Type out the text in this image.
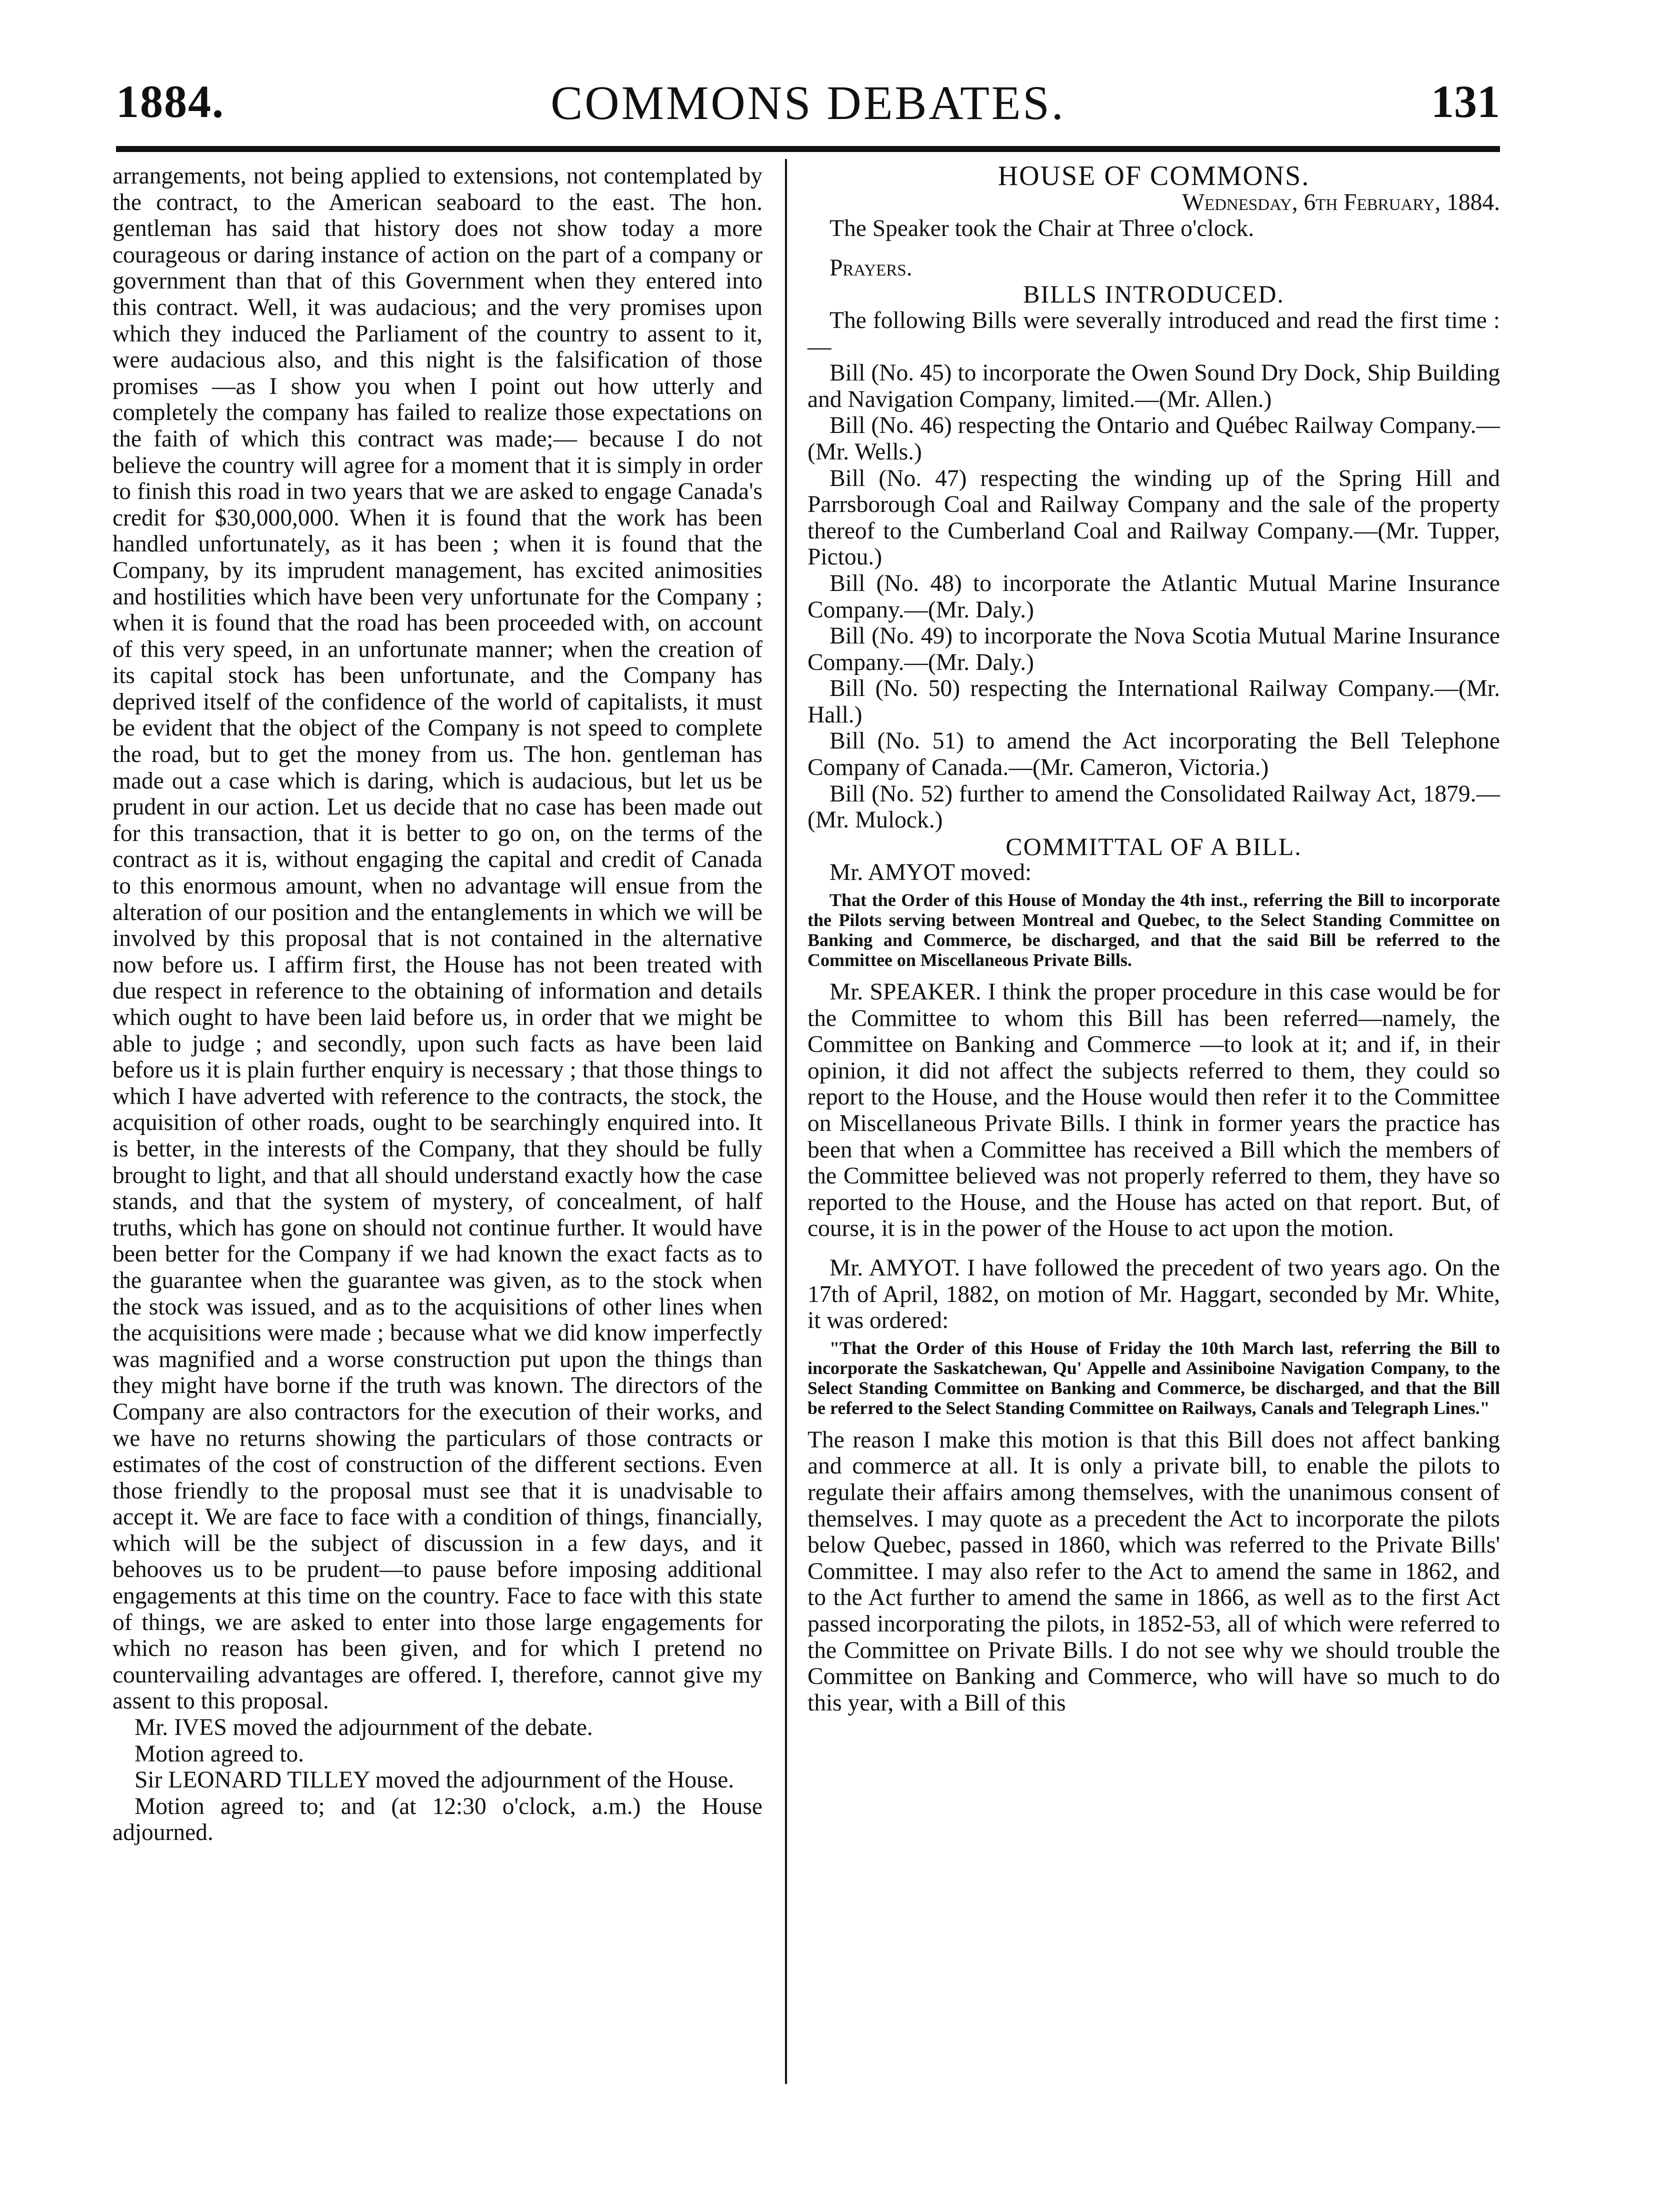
1884.	COMMONS DEBATES.	131

arrangements, not being applied to extensions, not contemplated by the contract, to the American seaboard to the east. The hon. gentleman has said that history does not show today a more courageous or daring instance of action on the part of a company or government than that of this Government when they entered into this contract. Well, it was audacious; and the very promises upon which they induced the Parliament of the country to assent to it, were audacious also, and this night is the falsification of those promises —as I show you when I point out how utterly and completely the company has failed to realize those expectations on the faith of which this contract was made;— because I do not believe the country will agree for a moment that it is simply in order to finish this road in two years that we are asked to engage Canada's credit for $30,000,000. When it is found that the work has been handled unfortunately, as it has been ; when it is found that the Company, by its imprudent management, has excited animosities and hostilities which have been very unfortunate for the Company ; when it is found that the road has been proceeded with, on account of this very speed, in an unfortunate manner; when the creation of its capital stock has been unfortunate, and the Company has deprived itself of the confidence of the world of capitalists, it must be evident that the object of the Company is not speed to complete the road, but to get the money from us. The hon. gentleman has made out a case which is daring, which is audacious, but let us be prudent in our action. Let us decide that no case has been made out for this transaction, that it is better to go on, on the terms of the contract as it is, without engaging the capital and credit of Canada to this enormous amount, when no advantage will ensue from the alteration of our position and the entanglements in which we will be involved by this proposal that is not contained in the alternative now before us. I affirm first, the House has not been treated with due respect in reference to the obtaining of information and details which ought to have been laid before us, in order that we might be able to judge ; and secondly, upon such facts as have been laid before us it is plain further enquiry is necessary ; that those things to which I have adverted with reference to the contracts, the stock, the acquisition of other roads, ought to be searchingly enquired into. It is better, in the interests of the Company, that they should be fully brought to light, and that all should understand exactly how the case stands, and that the system of mystery, of concealment, of half truths, which has gone on should not continue further. It would have been better for the Company if we had known the exact facts as to the guarantee when the guarantee was given, as to the stock when the stock was issued, and as to the acquisitions of other lines when the acquisitions were made ; because what we did know imperfectly was magnified and a worse construction put upon the things than they might have borne if the truth was known. The directors of the Company are also contractors for the execution of their works, and we have no returns showing the particulars of those contracts or estimates of the cost of construction of the different sections. Even those friendly to the proposal must see that it is unadvisable to accept it. We are face to face with a condition of things, financially, which will be the subject of discussion in a few days, and it behooves us to be prudent—to pause before imposing additional engagements at this time on the country. Face to face with this state of things, we are asked to enter into those large engagements for which no reason has been given, and for which I pretend no countervailing advantages are offered. I, therefore, cannot give my assent to this proposal.

Mr. IVES moved the adjournment of the debate.

Motion agreed to.

Sir LEONARD TILLEY moved the adjournment of the House.

Motion agreed to; and (at 12:30 o'clock, a.m.) the House adjourned.

HOUSE OF COMMONS.

Wednesday, 6th February, 1884.

The Speaker took the Chair at Three o'clock.

Prayers.

BILLS INTRODUCED.

The following Bills were severally introduced and read the first time :—

Bill (No. 45) to incorporate the Owen Sound Dry Dock, Ship Building and Navigation Company, limited.—(Mr. Allen.)

Bill (No. 46) respecting the Ontario and Québec Railway Company.—(Mr. Wells.)

Bill (No. 47) respecting the winding up of the Spring Hill and Parrsborough Coal and Railway Company and the sale of the property thereof to the Cumberland Coal and Railway Company.—(Mr. Tupper, Pictou.)

Bill (No. 48) to incorporate the Atlantic Mutual Marine Insurance Company.—(Mr. Daly.)

Bill (No. 49) to incorporate the Nova Scotia Mutual Marine Insurance Company.—(Mr. Daly.)

Bill (No. 50) respecting the International Railway Company.—(Mr. Hall.)

Bill (No. 51) to amend the Act incorporating the Bell Telephone Company of Canada.—(Mr. Cameron, Victoria.)

Bill (No. 52) further to amend the Consolidated Railway Act, 1879.—(Mr. Mulock.)

COMMITTAL OF A BILL.

Mr. AMYOT moved:

That the Order of this House of Monday the 4th inst., referring the Bill to incorporate the Pilots serving between Montreal and Quebec, to the Select Standing Committee on Banking and Commerce, be discharged, and that the said Bill be referred to the Committee on Miscellaneous Private Bills.

Mr. SPEAKER. I think the proper procedure in this case would be for the Committee to whom this Bill has been referred—namely, the Committee on Banking and Commerce —to look at it; and if, in their opinion, it did not affect the subjects referred to them, they could so report to the House, and the House would then refer it to the Committee on Miscellaneous Private Bills. I think in former years the practice has been that when a Committee has received a Bill which the members of the Committee believed was not properly referred to them, they have so reported to the House, and the House has acted on that report. But, of course, it is in the power of the House to act upon the motion.

Mr. AMYOT. I have followed the precedent of two years ago. On the 17th of April, 1882, on motion of Mr. Haggart, seconded by Mr. White, it was ordered:

"That the Order of this House of Friday the 10th March last, referring the Bill to incorporate the Saskatchewan, Qu' Appelle and Assiniboine Navigation Company, to the Select Standing Committee on Banking and Commerce, be discharged, and that the Bill be referred to the Select Standing Committee on Railways, Canals and Telegraph Lines."

The reason I make this motion is that this Bill does not affect banking and commerce at all. It is only a private bill, to enable the pilots to regulate their affairs among themselves, with the unanimous consent of themselves. I may quote as a precedent the Act to incorporate the pilots below Quebec, passed in 1860, which was referred to the Private Bills' Committee. I may also refer to the Act to amend the same in 1862, and to the Act further to amend the same in 1866, as well as to the first Act passed incorporating the pilots, in 1852-53, all of which were referred to the Committee on Private Bills. I do not see why we should trouble the Committee on Banking and Commerce, who will have so much to do this year, with a Bill of this
